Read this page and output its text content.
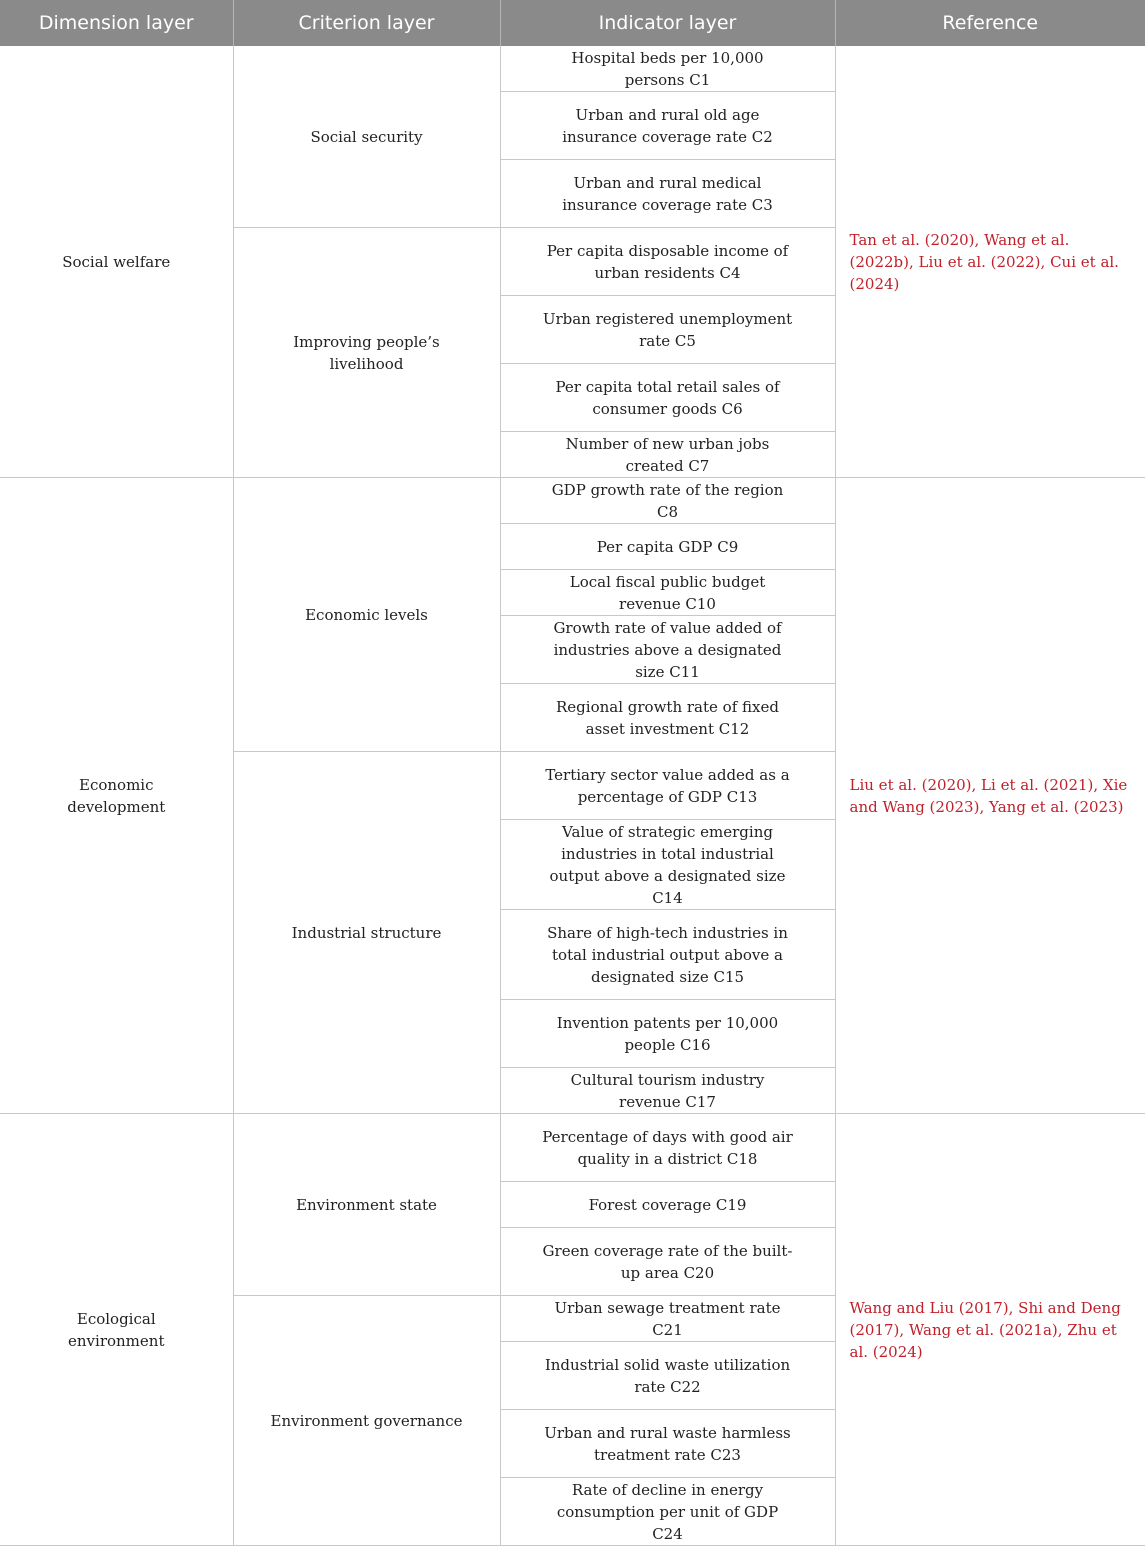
Dimension layer	Criterion layer	Indicator layer	Reference
Social welfare	Social security	Hospital beds per 10,000 persons C1	Tan et al. (2020), Wang et al. (2022b), Liu et al. (2022), Cui et al. (2024)
		Urban and rural old age insurance coverage rate C2	
		Urban and rural medical insurance coverage rate C3	
	Improving people’s livelihood	Per capita disposable income of urban residents C4	
		Urban registered unemployment rate C5	
		Per capita total retail sales of consumer goods C6	
		Number of new urban jobs created C7	
Economic development	Economic levels	GDP growth rate of the region C8	Liu et al. (2020), Li et al. (2021), Xie and Wang (2023), Yang et al. (2023)
		Per capita GDP C9	
		Local fiscal public budget revenue C10	
		Growth rate of value added of industries above a designated size C11	
		Regional growth rate of fixed asset investment C12	
	Industrial structure	Tertiary sector value added as a percentage of GDP C13	
		Value of strategic emerging industries in total industrial output above a designated size C14	
		Share of high-tech industries in total industrial output above a designated size C15	
		Invention patents per 10,000 people C16	
		Cultural tourism industry revenue C17	
Ecological environment	Environment state	Percentage of days with good air quality in a district C18	Wang and Liu (2017), Shi and Deng (2017), Wang et al. (2021a), Zhu et al. (2024)
		Forest coverage C19	
		Green coverage rate of the built-up area C20	
	Environment governance	Urban sewage treatment rate C21	
		Industrial solid waste utilization rate C22	
		Urban and rural waste harmless treatment rate C23	
		Rate of decline in energy consumption per unit of GDP C24	
